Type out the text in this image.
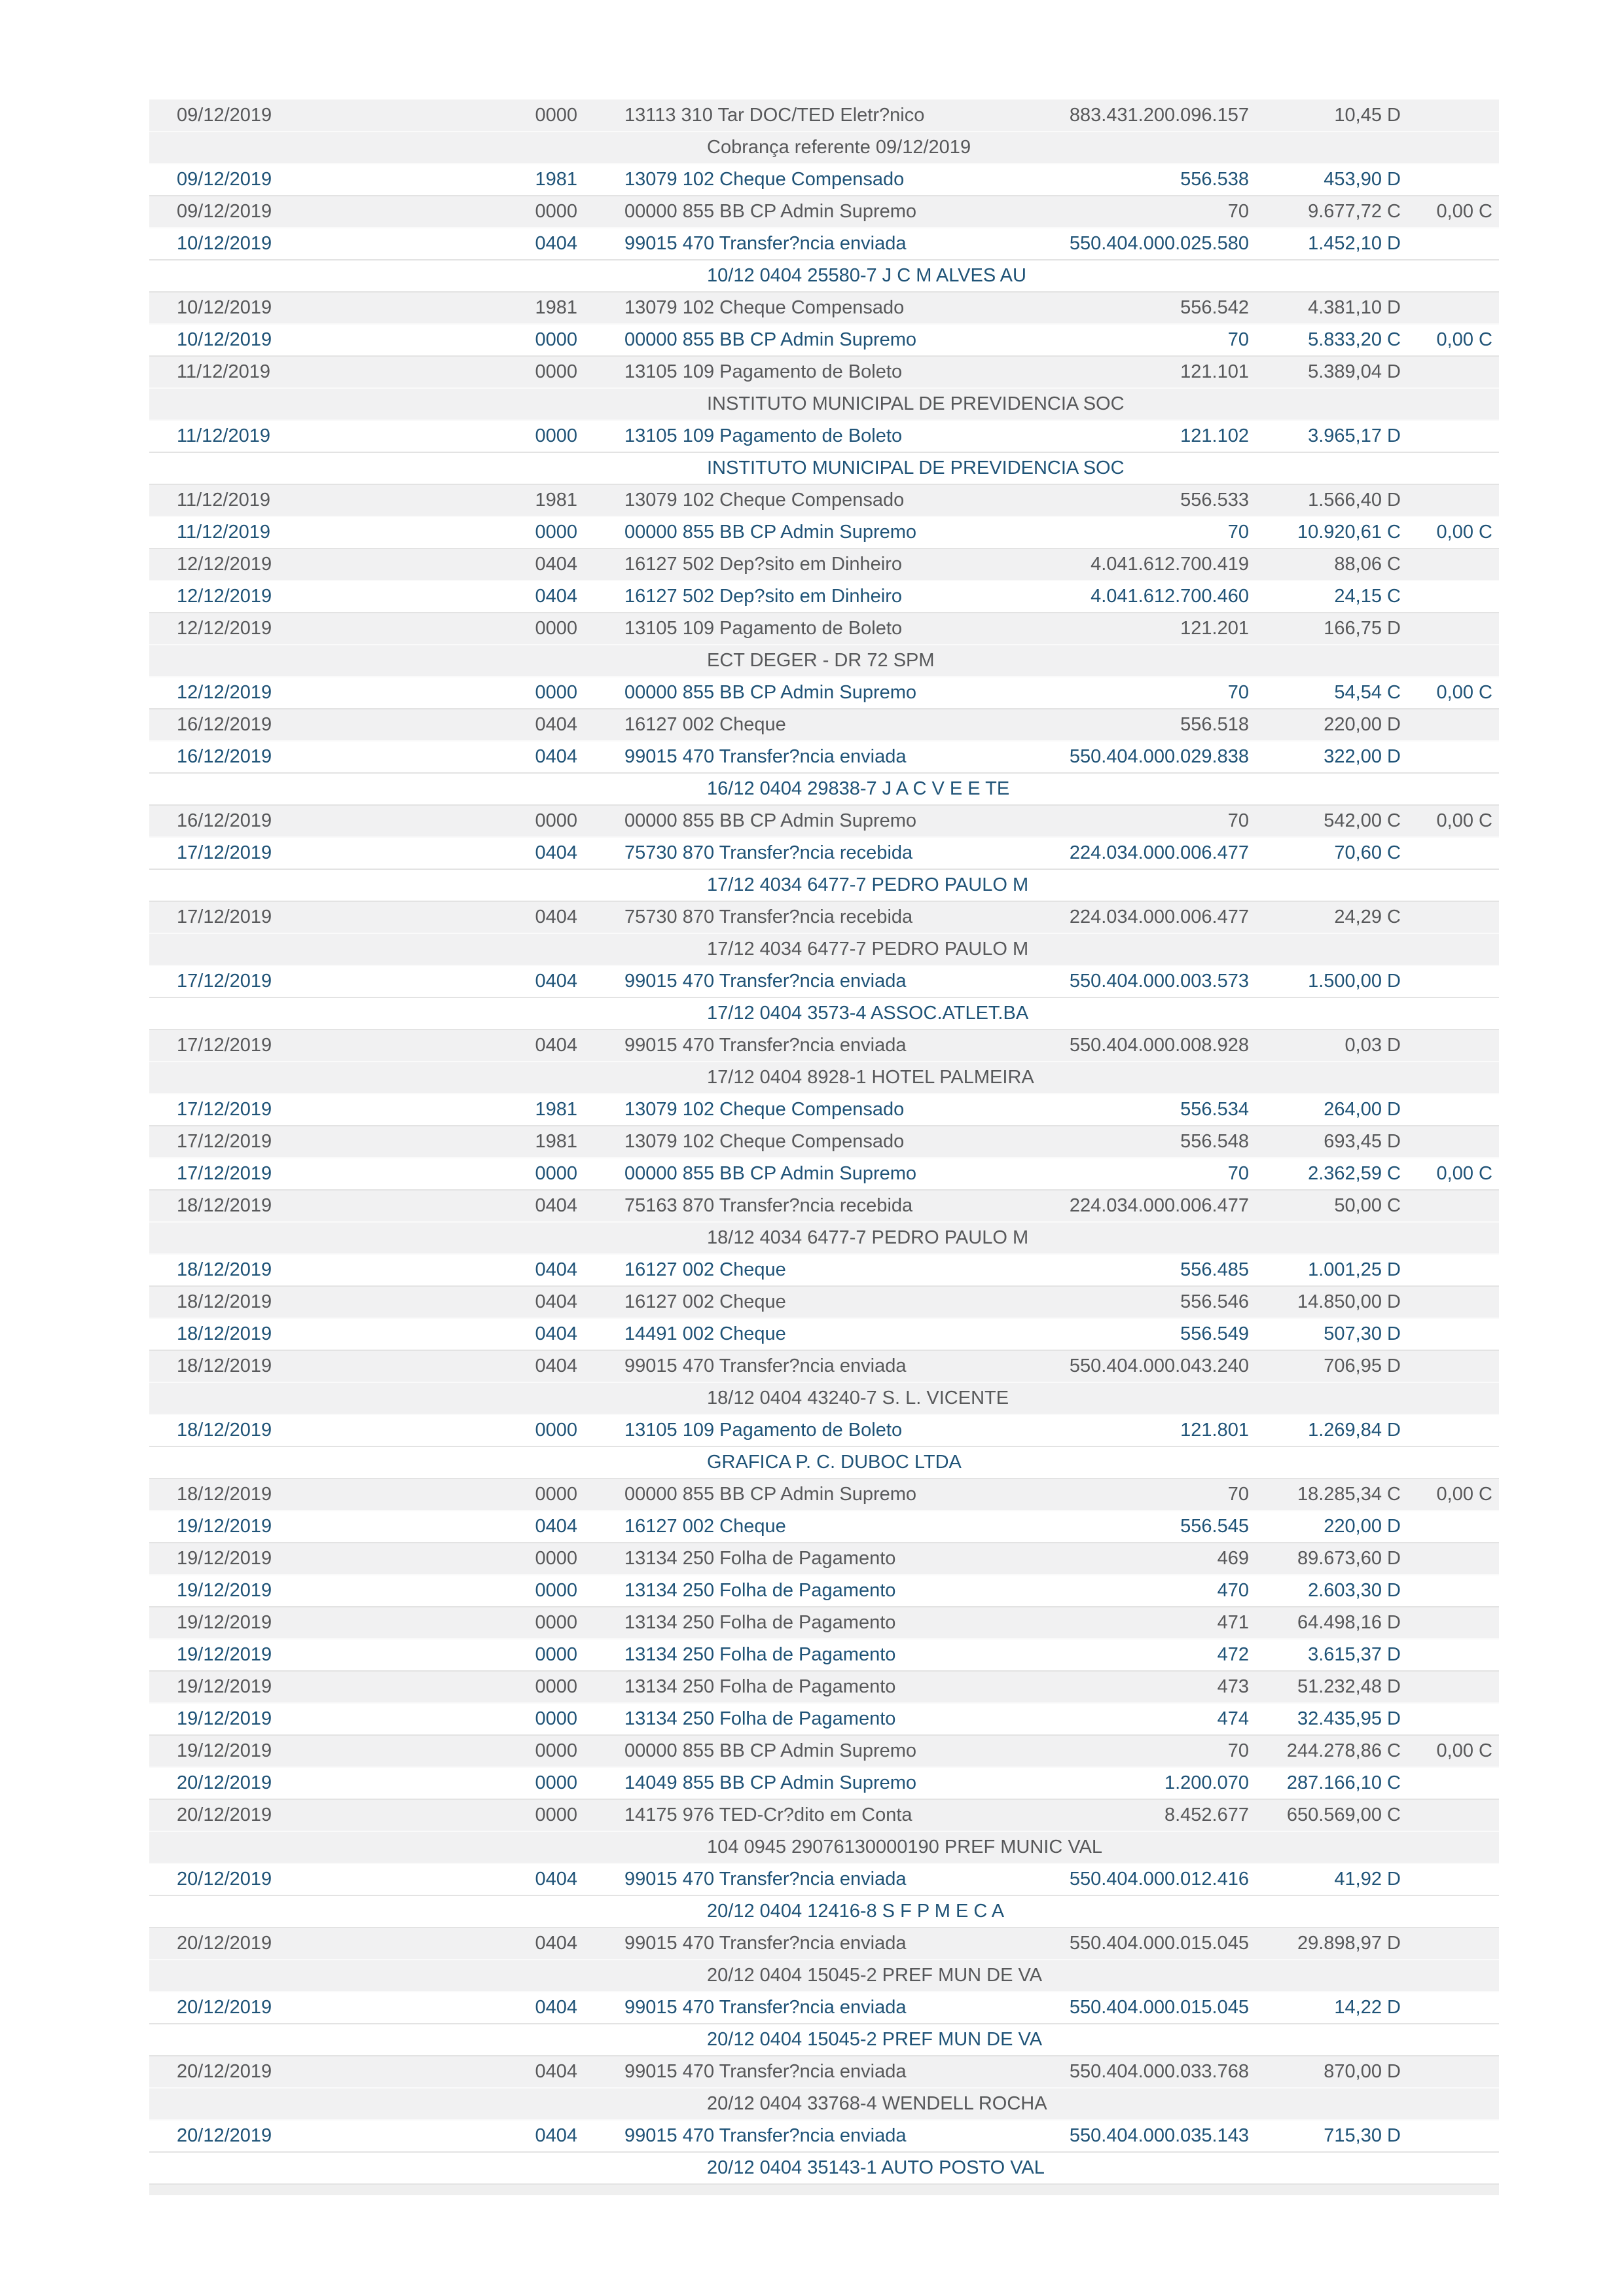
09/12/2019	0000	13113 310 Tar DOC/TED Eletr?nico	883.431.200.096.157	10,45 D	
		Cobrança referente 09/12/2019			
09/12/2019	1981	13079 102 Cheque Compensado	556.538	453,90 D	
09/12/2019	0000	00000 855 BB CP Admin Supremo	70	9.677,72 C	0,00 C
10/12/2019	0404	99015 470 Transfer?ncia enviada	550.404.000.025.580	1.452,10 D	
		10/12 0404 25580-7 J C M ALVES AU			
10/12/2019	1981	13079 102 Cheque Compensado	556.542	4.381,10 D	
10/12/2019	0000	00000 855 BB CP Admin Supremo	70	5.833,20 C	0,00 C
11/12/2019	0000	13105 109 Pagamento de Boleto	121.101	5.389,04 D	
		INSTITUTO MUNICIPAL DE PREVIDENCIA SOC			
11/12/2019	0000	13105 109 Pagamento de Boleto	121.102	3.965,17 D	
		INSTITUTO MUNICIPAL DE PREVIDENCIA SOC			
11/12/2019	1981	13079 102 Cheque Compensado	556.533	1.566,40 D	
11/12/2019	0000	00000 855 BB CP Admin Supremo	70	10.920,61 C	0,00 C
12/12/2019	0404	16127 502 Dep?sito em Dinheiro	4.041.612.700.419	88,06 C	
12/12/2019	0404	16127 502 Dep?sito em Dinheiro	4.041.612.700.460	24,15 C	
12/12/2019	0000	13105 109 Pagamento de Boleto	121.201	166,75 D	
		ECT DEGER - DR 72 SPM			
12/12/2019	0000	00000 855 BB CP Admin Supremo	70	54,54 C	0,00 C
16/12/2019	0404	16127 002 Cheque	556.518	220,00 D	
16/12/2019	0404	99015 470 Transfer?ncia enviada	550.404.000.029.838	322,00 D	
		16/12 0404 29838-7 J A C V E E TE			
16/12/2019	0000	00000 855 BB CP Admin Supremo	70	542,00 C	0,00 C
17/12/2019	0404	75730 870 Transfer?ncia recebida	224.034.000.006.477	70,60 C	
		17/12 4034 6477-7 PEDRO PAULO M			
17/12/2019	0404	75730 870 Transfer?ncia recebida	224.034.000.006.477	24,29 C	
		17/12 4034 6477-7 PEDRO PAULO M			
17/12/2019	0404	99015 470 Transfer?ncia enviada	550.404.000.003.573	1.500,00 D	
		17/12 0404 3573-4 ASSOC.ATLET.BA			
17/12/2019	0404	99015 470 Transfer?ncia enviada	550.404.000.008.928	0,03 D	
		17/12 0404 8928-1 HOTEL PALMEIRA			
17/12/2019	1981	13079 102 Cheque Compensado	556.534	264,00 D	
17/12/2019	1981	13079 102 Cheque Compensado	556.548	693,45 D	
17/12/2019	0000	00000 855 BB CP Admin Supremo	70	2.362,59 C	0,00 C
18/12/2019	0404	75163 870 Transfer?ncia recebida	224.034.000.006.477	50,00 C	
		18/12 4034 6477-7 PEDRO PAULO M			
18/12/2019	0404	16127 002 Cheque	556.485	1.001,25 D	
18/12/2019	0404	16127 002 Cheque	556.546	14.850,00 D	
18/12/2019	0404	14491 002 Cheque	556.549	507,30 D	
18/12/2019	0404	99015 470 Transfer?ncia enviada	550.404.000.043.240	706,95 D	
		18/12 0404 43240-7 S. L. VICENTE			
18/12/2019	0000	13105 109 Pagamento de Boleto	121.801	1.269,84 D	
		GRAFICA P. C. DUBOC LTDA			
18/12/2019	0000	00000 855 BB CP Admin Supremo	70	18.285,34 C	0,00 C
19/12/2019	0404	16127 002 Cheque	556.545	220,00 D	
19/12/2019	0000	13134 250 Folha de Pagamento	469	89.673,60 D	
19/12/2019	0000	13134 250 Folha de Pagamento	470	2.603,30 D	
19/12/2019	0000	13134 250 Folha de Pagamento	471	64.498,16 D	
19/12/2019	0000	13134 250 Folha de Pagamento	472	3.615,37 D	
19/12/2019	0000	13134 250 Folha de Pagamento	473	51.232,48 D	
19/12/2019	0000	13134 250 Folha de Pagamento	474	32.435,95 D	
19/12/2019	0000	00000 855 BB CP Admin Supremo	70	244.278,86 C	0,00 C
20/12/2019	0000	14049 855 BB CP Admin Supremo	1.200.070	287.166,10 C	
20/12/2019	0000	14175 976 TED-Cr?dito em Conta	8.452.677	650.569,00 C	
		104 0945 29076130000190 PREF MUNIC VAL			
20/12/2019	0404	99015 470 Transfer?ncia enviada	550.404.000.012.416	41,92 D	
		20/12 0404 12416-8 S F P M E C A			
20/12/2019	0404	99015 470 Transfer?ncia enviada	550.404.000.015.045	29.898,97 D	
		20/12 0404 15045-2 PREF MUN DE VA			
20/12/2019	0404	99015 470 Transfer?ncia enviada	550.404.000.015.045	14,22 D	
		20/12 0404 15045-2 PREF MUN DE VA			
20/12/2019	0404	99015 470 Transfer?ncia enviada	550.404.000.033.768	870,00 D	
		20/12 0404 33768-4 WENDELL ROCHA			
20/12/2019	0404	99015 470 Transfer?ncia enviada	550.404.000.035.143	715,30 D	
		20/12 0404 35143-1 AUTO POSTO VAL			
